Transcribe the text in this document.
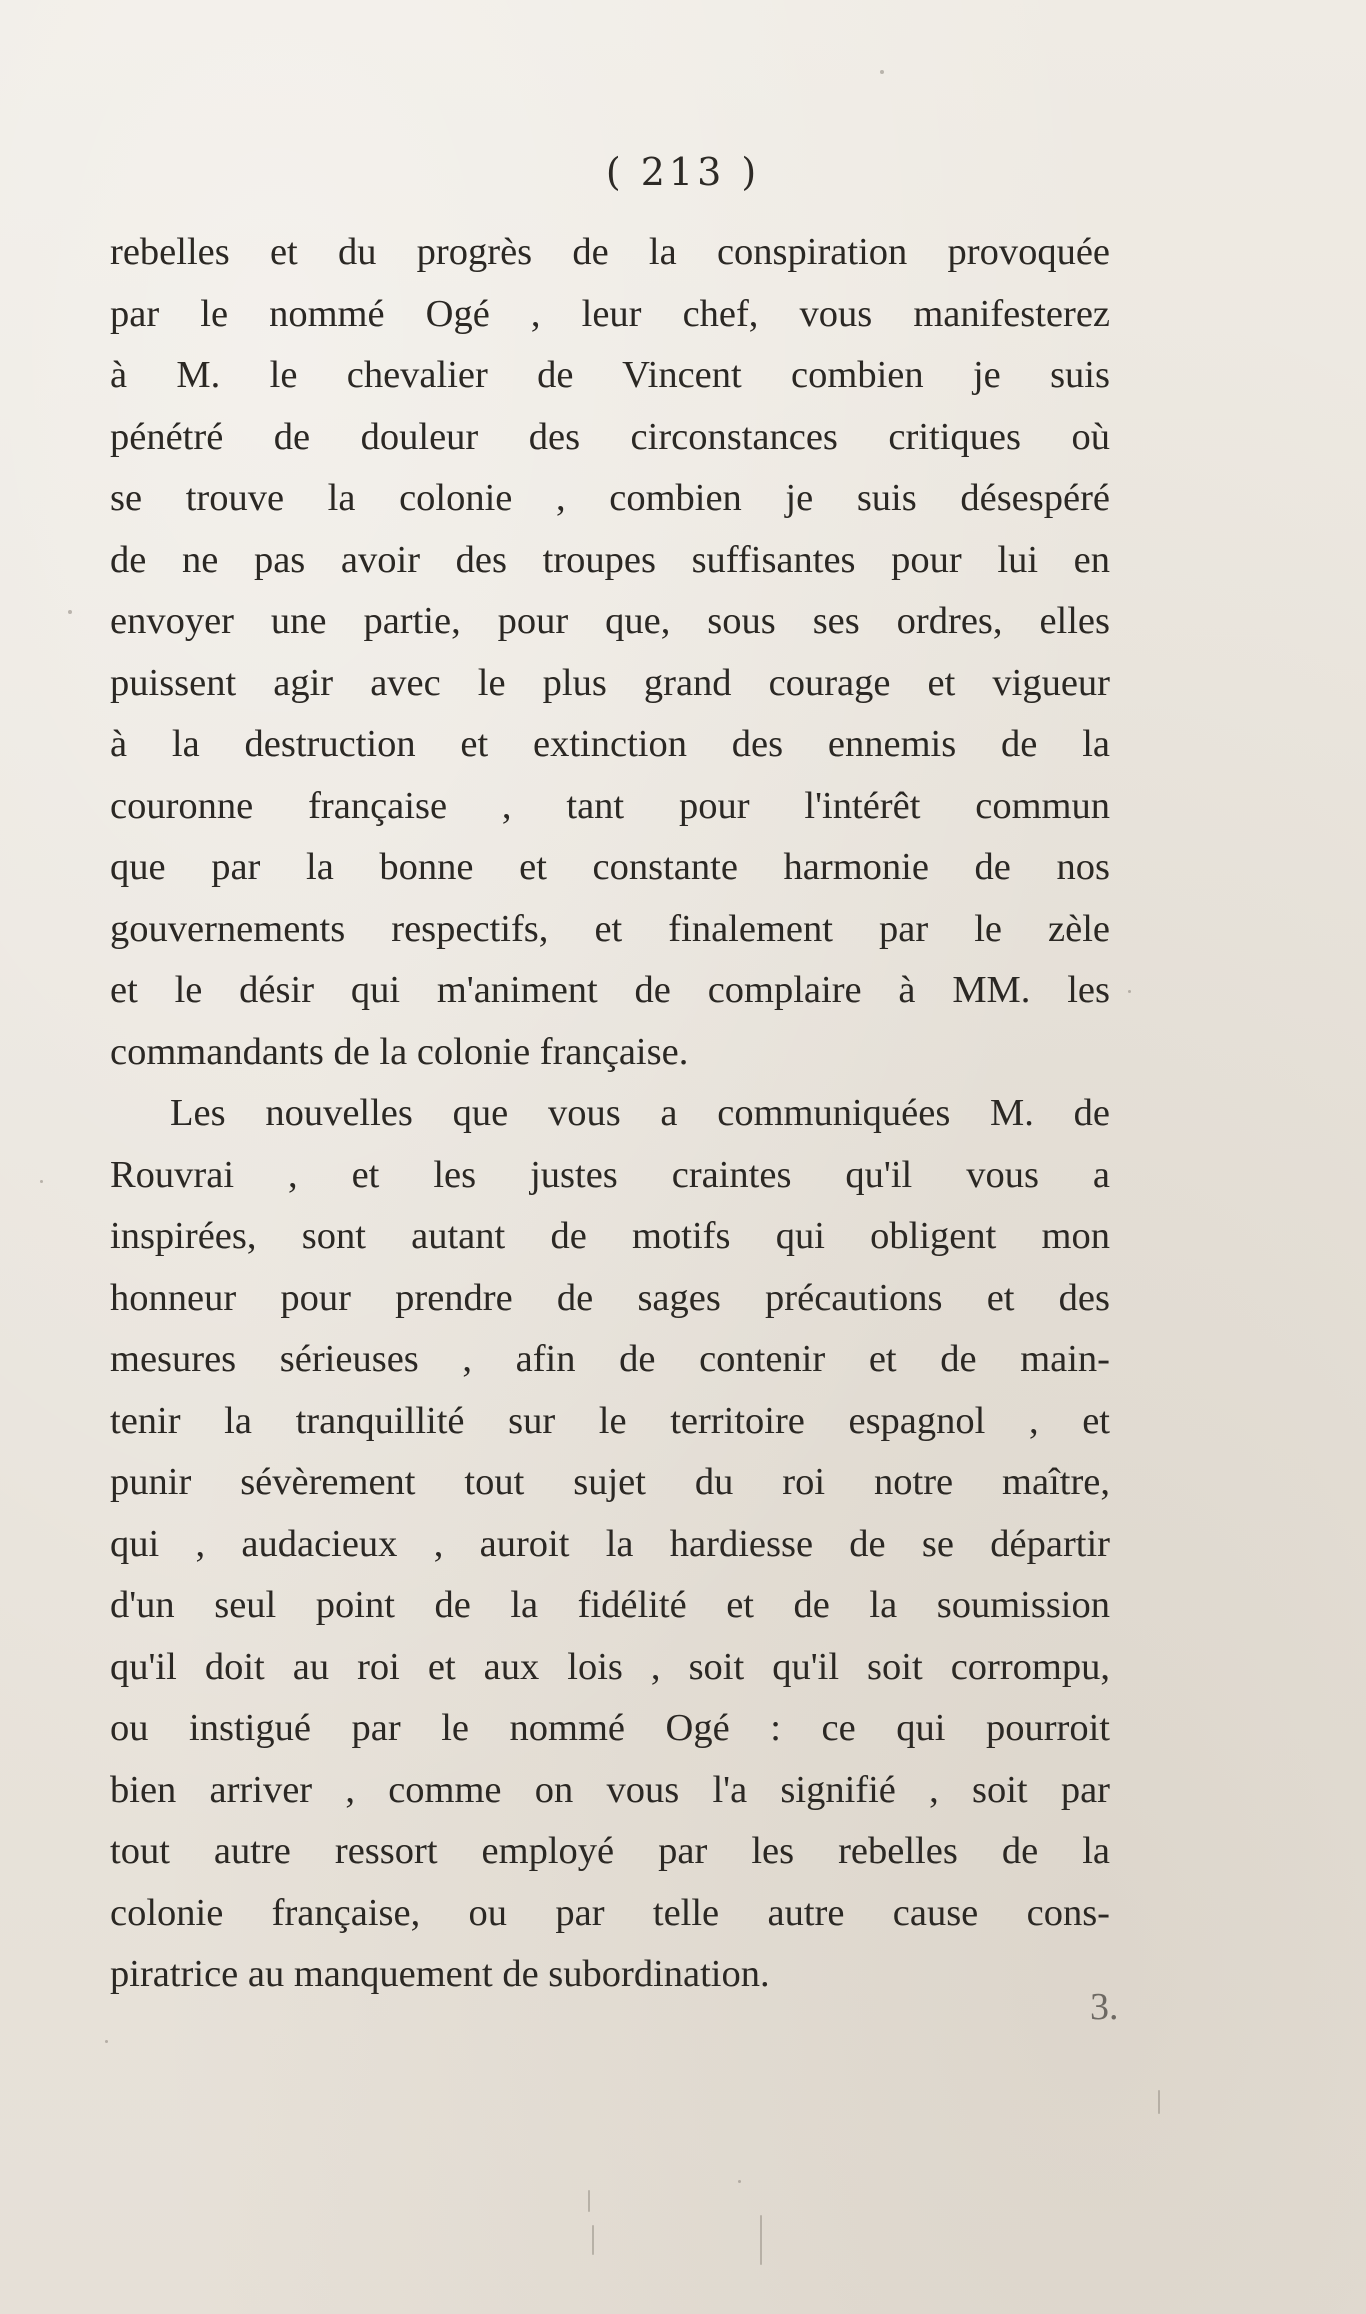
( 213 )
rebelles et du progrès de la conspiration provoquée
par le nommé Ogé , leur chef, vous manifesterez
à M. le chevalier de Vincent combien je suis
pénétré de douleur des circonstances critiques où
se trouve la colonie , combien je suis désespéré
de ne pas avoir des troupes suffisantes pour lui en
envoyer une partie, pour que, sous ses ordres, elles
puissent agir avec le plus grand courage et vigueur
à la destruction et extinction des ennemis de la
couronne française , tant pour l'intérêt commun
que par la bonne et constante harmonie de nos
gouvernements respectifs, et finalement par le zèle
et le désir qui m'animent de complaire à MM. les
commandants de la colonie française.
Les nouvelles que vous a communiquées M. de
Rouvrai , et les justes craintes qu'il vous a
inspirées, sont autant de motifs qui obligent mon
honneur pour prendre de sages précautions et des
mesures sérieuses , afin de contenir et de main-
tenir la tranquillité sur le territoire espagnol , et
punir sévèrement tout sujet du roi notre maître,
qui , audacieux , auroit la hardiesse de se départir
d'un seul point de la fidélité et de la soumission
qu'il doit au roi et aux lois , soit qu'il soit corrompu,
ou instigué par le nommé Ogé : ce qui pourroit
bien arriver , comme on vous l'a signifié , soit par
tout autre ressort employé par les rebelles de la
colonie française, ou par telle autre cause cons-
piratrice au manquement de subordination.
3.
